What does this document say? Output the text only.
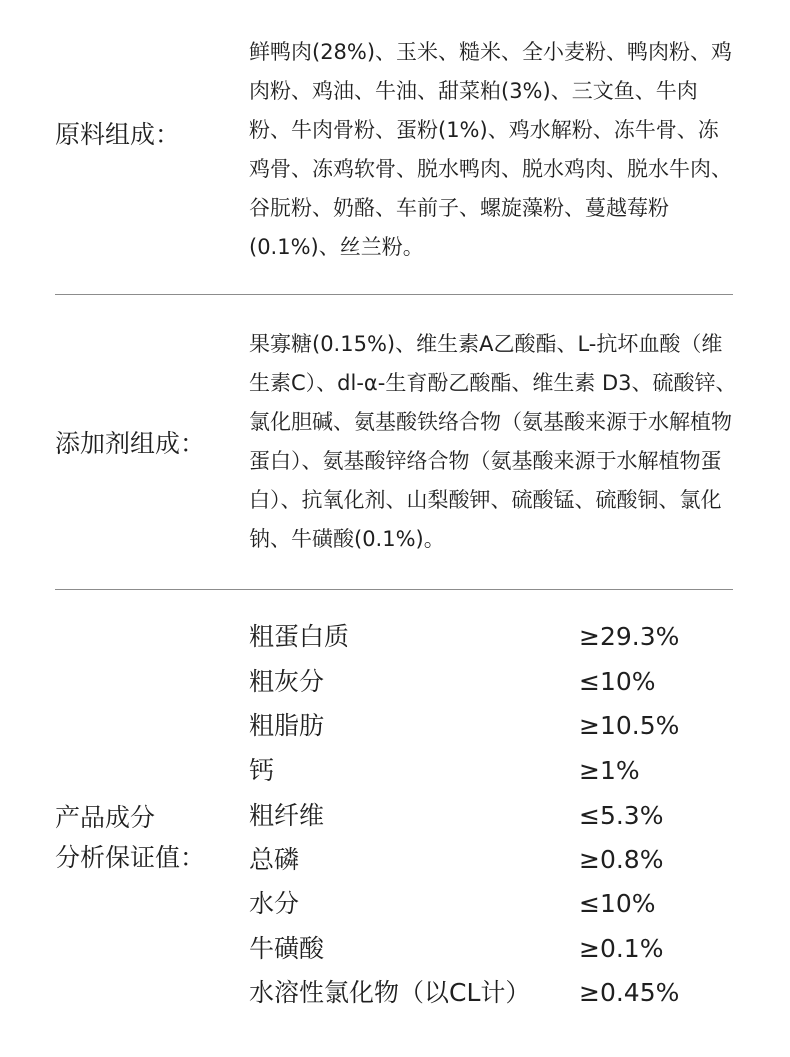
原料组成：

鲜鸭肉(28%)、玉米、糙米、全小麦粉、鸭肉粉、鸡肉粉、鸡油、牛油、甜菜粕(3%)、三文鱼、牛肉粉、牛肉骨粉、蛋粉(1%)、鸡水解粉、冻牛骨、冻鸡骨、冻鸡软骨、脱水鸭肉、脱水鸡肉、脱水牛肉、谷朊粉、奶酪、车前子、螺旋藻粉、蔓越莓粉(0.1%)、丝兰粉。

添加剂组成：

果寡糖(0.15%)、维生素A乙酸酯、L-抗坏血酸（维生素C）、dl-α-生育酚乙酸酯、维生素 D3、硫酸锌、氯化胆碱、氨基酸铁络合物（氨基酸来源于水解植物蛋白）、氨基酸锌络合物（氨基酸来源于水解植物蛋白）、抗氧化剂、山梨酸钾、硫酸锰、硫酸铜、氯化钠、牛磺酸(0.1%)。

产品成分
分析保证值：
粗蛋白质	≥29.3%
粗灰分	≤10%
粗脂肪	≥10.5%
钙	≥1%
粗纤维	≤5.3%
总磷	≥0.8%
水分	≤10%
牛磺酸	≥0.1%
水溶性氯化物（以CL计） ≥0.45%
